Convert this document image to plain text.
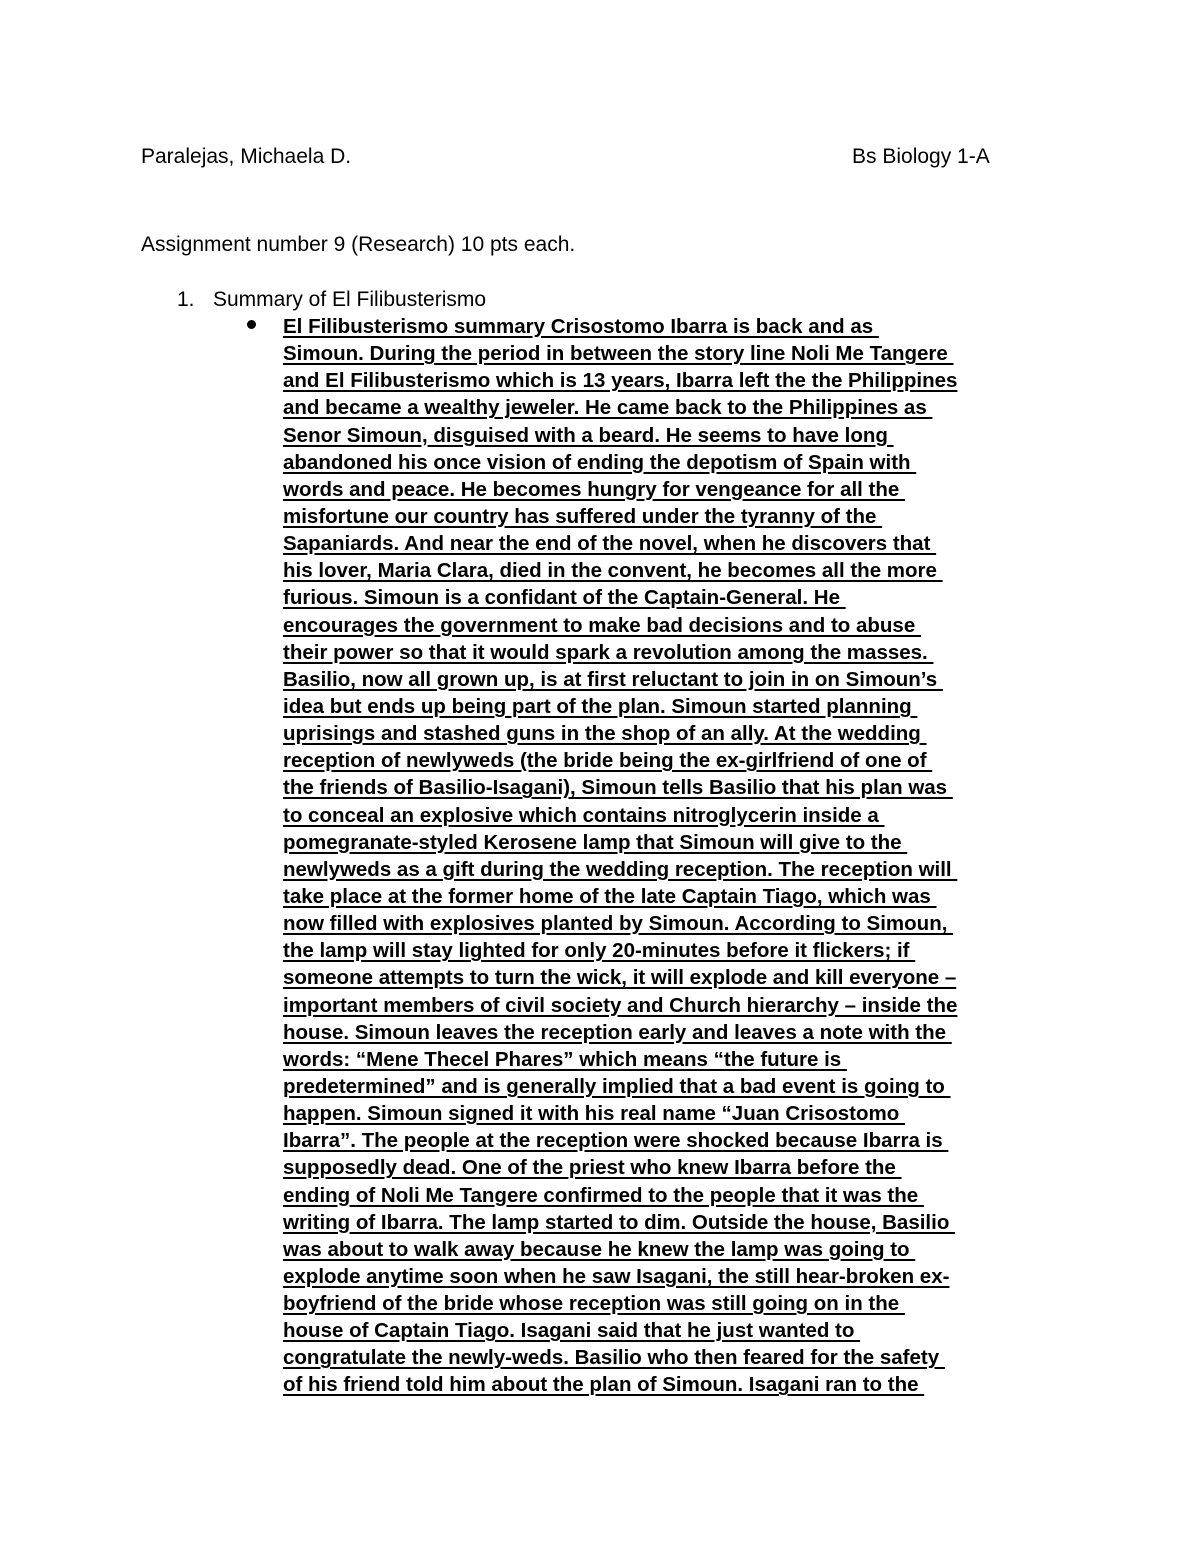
Paralejas, Michaela D.	Bs Biology 1-A
Assignment number 9 (Research) 10 pts each.
1. Summary of El Filibusterismo
El Filibusterismo summary Crisostomo Ibarra is back and as
Simoun. During the period in between the story line Noli Me Tangere
and El Filibusterismo which is 13 years, Ibarra left the the Philippines
and became a wealthy jeweler. He came back to the Philippines as
Senor Simoun, disguised with a beard. He seems to have long
abandoned his once vision of ending the depotism of Spain with
words and peace. He becomes hungry for vengeance for all the
misfortune our country has suffered under the tyranny of the
Sapaniards. And near the end of the novel, when he discovers that
his lover, Maria Clara, died in the convent, he becomes all the more
furious. Simoun is a confidant of the Captain-General. He
encourages the government to make bad decisions and to abuse
their power so that it would spark a revolution among the masses.
Basilio, now all grown up, is at first reluctant to join in on Simoun’s
idea but ends up being part of the plan. Simoun started planning
uprisings and stashed guns in the shop of an ally. At the wedding
reception of newlyweds (the bride being the ex-girlfriend of one of
the friends of Basilio-Isagani), Simoun tells Basilio that his plan was
to conceal an explosive which contains nitroglycerin inside a
pomegranate-styled Kerosene lamp that Simoun will give to the
newlyweds as a gift during the wedding reception. The reception will
take place at the former home of the late Captain Tiago, which was
now filled with explosives planted by Simoun. According to Simoun,
the lamp will stay lighted for only 20-minutes before it flickers; if
someone attempts to turn the wick, it will explode and kill everyone –
important members of civil society and Church hierarchy – inside the
house. Simoun leaves the reception early and leaves a note with the
words: “Mene Thecel Phares” which means “the future is
predetermined” and is generally implied that a bad event is going to
happen. Simoun signed it with his real name “Juan Crisostomo
Ibarra”. The people at the reception were shocked because Ibarra is
supposedly dead. One of the priest who knew Ibarra before the
ending of Noli Me Tangere confirmed to the people that it was the
writing of Ibarra. The lamp started to dim. Outside the house, Basilio
was about to walk away because he knew the lamp was going to
explode anytime soon when he saw Isagani, the still hear-broken ex-
boyfriend of the bride whose reception was still going on in the
house of Captain Tiago. Isagani said that he just wanted to
congratulate the newly-weds. Basilio who then feared for the safety
of his friend told him about the plan of Simoun. Isagani ran to the
